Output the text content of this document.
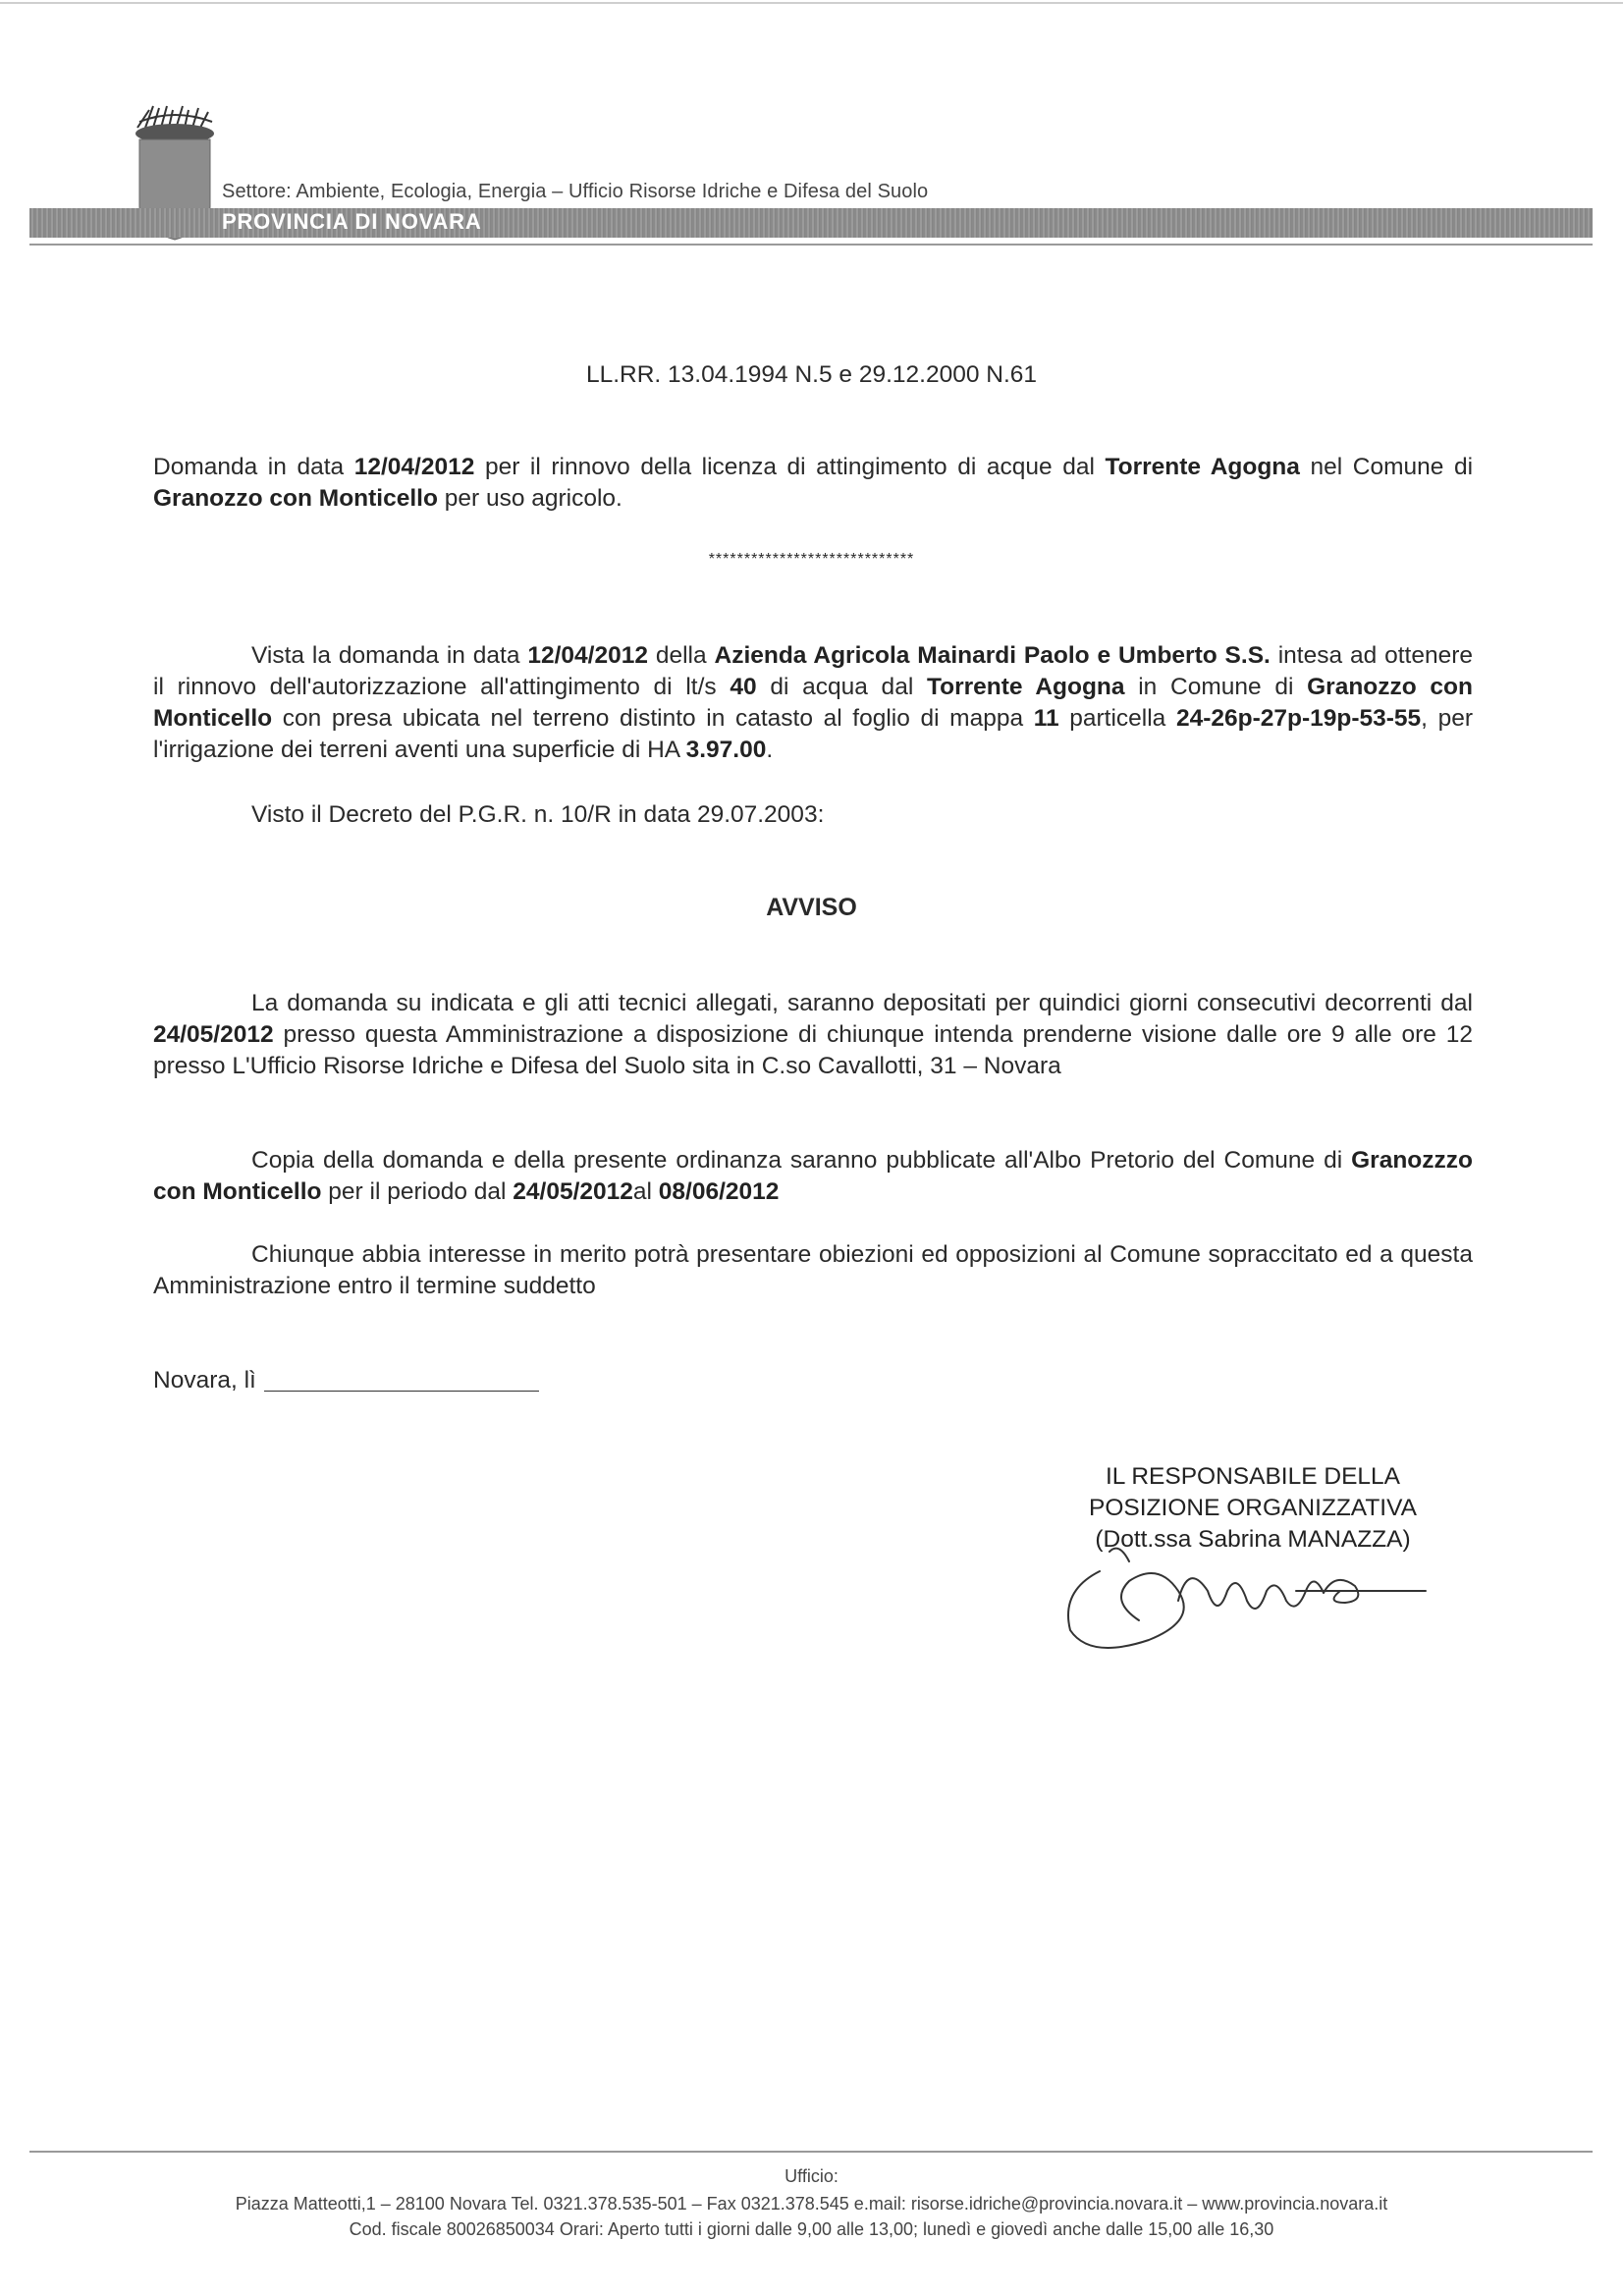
Settore: Ambiente, Ecologia, Energia – Ufficio Risorse Idriche e Difesa del Suolo
PROVINCIA DI NOVARA
LL.RR. 13.04.1994 N.5 e 29.12.2000 N.61
Domanda in data 12/04/2012 per il rinnovo della licenza di attingimento di acque dal Torrente Agogna nel Comune di Granozzo con Monticello per uso agricolo.
*****************************
Vista la domanda in data 12/04/2012 della Azienda Agricola Mainardi Paolo e Umberto S.S. intesa ad ottenere il rinnovo dell'autorizzazione all'attingimento di lt/s 40 di acqua dal Torrente Agogna in Comune di Granozzo con Monticello con presa ubicata nel terreno distinto in catasto al foglio di mappa 11 particella 24-26p-27p-19p-53-55, per l'irrigazione dei terreni aventi una superficie di HA 3.97.00.
Visto il Decreto del P.G.R. n. 10/R in data 29.07.2003:
AVVISO
La domanda su indicata e gli atti tecnici allegati, saranno depositati per quindici giorni consecutivi decorrenti dal 24/05/2012 presso questa Amministrazione a disposizione di chiunque intenda prenderne visione dalle ore 9 alle ore 12 presso L'Ufficio Risorse Idriche e Difesa del Suolo sita in C.so Cavallotti, 31 – Novara
Copia della domanda e della presente ordinanza saranno pubblicate all'Albo Pretorio del Comune di Granozzzo con Monticello per il periodo dal 24/05/2012al 08/06/2012
Chiunque abbia interesse in merito potrà presentare obiezioni ed opposizioni al Comune sopraccitato ed a questa Amministrazione entro il termine suddetto
Novara, lì
IL RESPONSABILE DELLA
POSIZIONE ORGANIZZATIVA
(Dott.ssa Sabrina MANAZZA)
Ufficio:
Piazza Matteotti,1 – 28100 Novara Tel. 0321.378.535-501 – Fax 0321.378.545 e.mail: risorse.idriche@provincia.novara.it – www.provincia.novara.it
Cod. fiscale 80026850034 Orari: Aperto tutti i giorni dalle 9,00 alle 13,00; lunedì e giovedì anche dalle 15,00 alle 16,30
